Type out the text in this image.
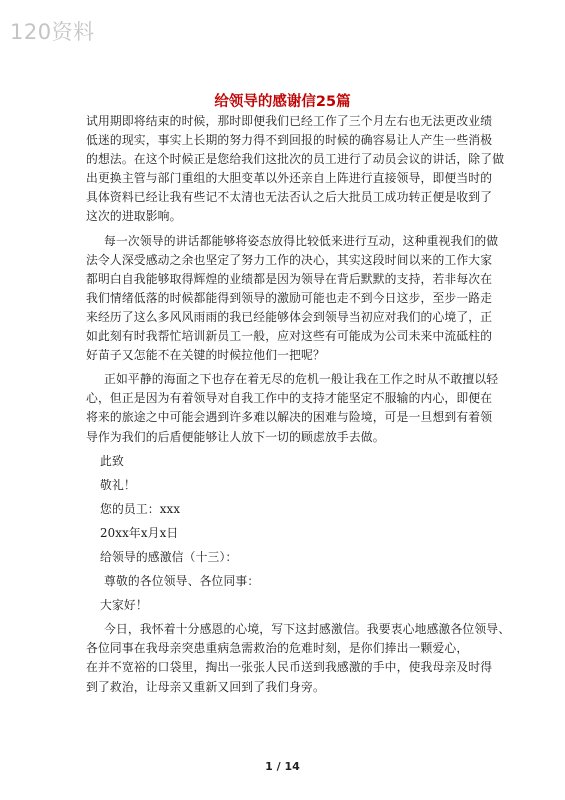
120资料
给领导的感谢信25篇
试用期即将结束的时候，那时即便我们已经工作了三个月左右也无法更改业绩
低迷的现实，事实上长期的努力得不到回报的时候的确容易让人产生一些消极
的想法。在这个时候正是您给我们这批次的员工进行了动员会议的讲话，除了做
出更换主管与部门重组的大胆变革以外还亲自上阵进行直接领导，即便当时的
具体资料已经让我有些记不太清也无法否认之后大批员工成功转正便是收到了
这次的进取影响。
每一次领导的讲话都能够将姿态放得比较低来进行互动，这种重视我们的做
法令人深受感动之余也坚定了努力工作的决心，其实这段时间以来的工作大家
都明白自我能够取得辉煌的业绩都是因为领导在背后默默的支持，若非每次在
我们情绪低落的时候都能得到领导的激励可能也走不到今日这步，至步一路走
来经历了这么多风风雨雨的我已经能够体会到领导当初应对我们的心境了，正
如此刻有时我帮忙培训新员工一般，应对这些有可能成为公司未来中流砥柱的
好苗子又怎能不在关键的时候拉他们一把呢？
正如平静的海面之下也存在着无尽的危机一般让我在工作之时从不敢擅以轻
心，但正是因为有着领导对自我工作中的支持才能坚定不服输的内心，即便在
将来的旅途之中可能会遇到许多难以解决的困难与险境，可是一旦想到有着领
导作为我们的后盾便能够让人放下一切的顾虑放手去做。
此致
敬礼！
您的员工：xxx
20xx年x月x日
给领导的感激信（十三）：
尊敬的各位领导、各位同事：
大家好！
今日，我怀着十分感恩的心境，写下这封感激信。我要衷心地感激各位领导、
各位同事在我母亲突患重病急需救治的危难时刻，是你们捧出一颗爱心，
在并不宽裕的口袋里，掏出一张张人民币送到我感激的手中，使我母亲及时得
到了救治，让母亲又重新又回到了我们身旁。
1 / 14
